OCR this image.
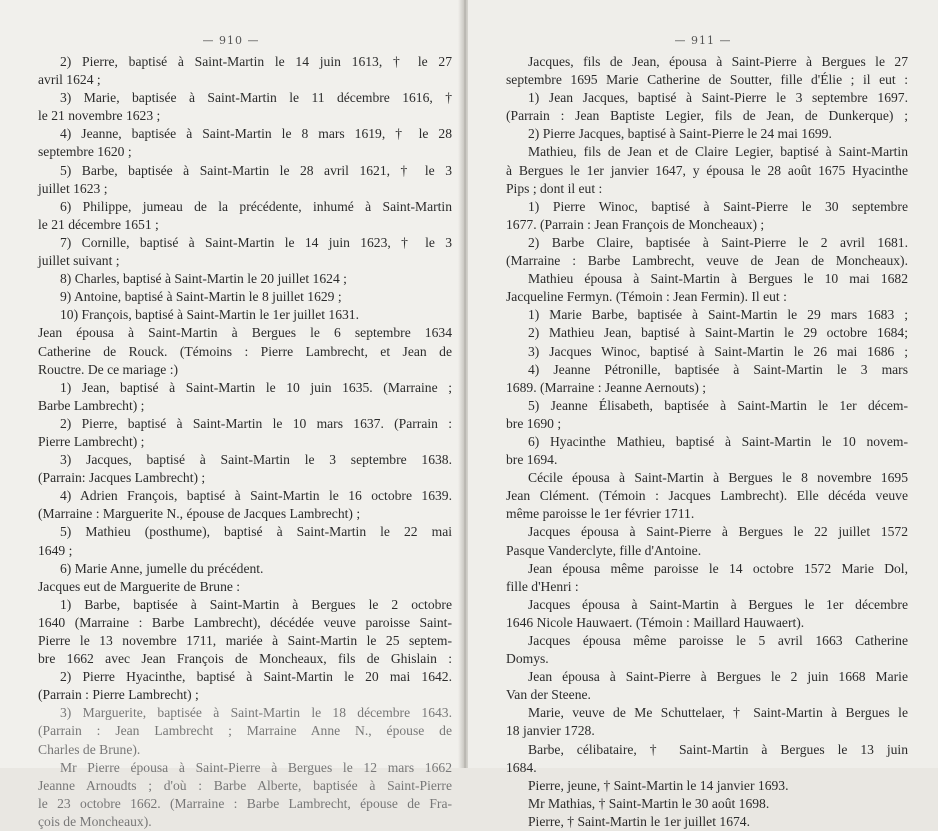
— 910 —
2) Pierre, baptisé à Saint-Martin le 14 juin 1613, † le 27
avril 1624 ;
3) Marie, baptisée à Saint-Martin le 11 décembre 1616, †
le 21 novembre 1623 ;
4) Jeanne, baptisée à Saint-Martin le 8 mars 1619, † le 28
septembre 1620 ;
5) Barbe, baptisée à Saint-Martin le 28 avril 1621, † le 3
juillet 1623 ;
6) Philippe, jumeau de la précédente, inhumé à Saint-Martin
le 21 décembre 1651 ;
7) Cornille, baptisé à Saint-Martin le 14 juin 1623, † le 3
juillet suivant ;
8) Charles, baptisé à Saint-Martin le 20 juillet 1624 ;
9) Antoine, baptisé à Saint-Martin le 8 juillet 1629 ;
10) François, baptisé à Saint-Martin le 1er juillet 1631.
Jean épousa à Saint-Martin à Bergues le 6 septembre 1634
Catherine de Rouck. (Témoins : Pierre Lambrecht, et Jean de
Rouctre. De ce mariage :)
1) Jean, baptisé à Saint-Martin le 10 juin 1635. (Marraine ;
Barbe Lambrecht) ;
2) Pierre, baptisé à Saint-Martin le 10 mars 1637. (Parrain :
Pierre Lambrecht) ;
3) Jacques, baptisé à Saint-Martin le 3 septembre 1638.
(Parrain: Jacques Lambrecht) ;
4) Adrien François, baptisé à Saint-Martin le 16 octobre 1639.
(Marraine : Marguerite N., épouse de Jacques Lambrecht) ;
5) Mathieu (posthume), baptisé à Saint-Martin le 22 mai
1649 ;
6) Marie Anne, jumelle du précédent.
Jacques eut de Marguerite de Brune :
1) Barbe, baptisée à Saint-Martin à Bergues le 2 octobre
1640 (Marraine : Barbe Lambrecht), décédée veuve paroisse Saint-
Pierre le 13 novembre 1711, mariée à Saint-Martin le 25 septem-
bre 1662 avec Jean François de Moncheaux, fils de Ghislain :
2) Pierre Hyacinthe, baptisé à Saint-Martin le 20 mai 1642.
(Parrain : Pierre Lambrecht) ;
3) Marguerite, baptisée à Saint-Martin le 18 décembre 1643.
(Parrain : Jean Lambrecht ; Marraine Anne N., épouse de
Charles de Brune).
Mr Pierre épousa à Saint-Pierre à Bergues le 12 mars 1662
Jeanne Arnoudts ; d'où : Barbe Alberte, baptisée à Saint-Pierre
le 23 octobre 1662. (Marraine : Barbe Lambrecht, épouse de Fra-
çois de Moncheaux).
— 911 —
Jacques, fils de Jean, épousa à Saint-Pierre à Bergues le 27
septembre 1695 Marie Catherine de Soutter, fille d'Élie ; il eut :
1) Jean Jacques, baptisé à Saint-Pierre le 3 septembre 1697.
(Parrain : Jean Baptiste Legier, fils de Jean, de Dunkerque) ;
2) Pierre Jacques, baptisé à Saint-Pierre le 24 mai 1699.
Mathieu, fils de Jean et de Claire Legier, baptisé à Saint-Martin
à Bergues le 1er janvier 1647, y épousa le 28 août 1675 Hyacinthe
Pips ; dont il eut :
1) Pierre Winoc, baptisé à Saint-Pierre le 30 septembre
1677. (Parrain : Jean François de Moncheaux) ;
2) Barbe Claire, baptisée à Saint-Pierre le 2 avril 1681.
(Marraine : Barbe Lambrecht, veuve de Jean de Moncheaux).
Mathieu épousa à Saint-Martin à Bergues le 10 mai 1682
Jacqueline Fermyn. (Témoin : Jean Fermin). Il eut :
1) Marie Barbe, baptisée à Saint-Martin le 29 mars 1683 ;
2) Mathieu Jean, baptisé à Saint-Martin le 29 octobre 1684;
3) Jacques Winoc, baptisé à Saint-Martin le 26 mai 1686 ;
4) Jeanne Pétronille, baptisée à Saint-Martin le 3 mars
1689. (Marraine : Jeanne Aernouts) ;
5) Jeanne Élisabeth, baptisée à Saint-Martin le 1er décem-
bre 1690 ;
6) Hyacinthe Mathieu, baptisé à Saint-Martin le 10 novem-
bre 1694.
Cécile épousa à Saint-Martin à Bergues le 8 novembre 1695
Jean Clément. (Témoin : Jacques Lambrecht). Elle décéda veuve
même paroisse le 1er février 1711.
Jacques épousa à Saint-Pierre à Bergues le 22 juillet 1572
Pasque Vanderclyte, fille d'Antoine.
Jean épousa même paroisse le 14 octobre 1572 Marie Dol,
fille d'Henri :
Jacques épousa à Saint-Martin à Bergues le 1er décembre
1646 Nicole Hauwaert. (Témoin : Maillard Hauwaert).
Jacques épousa même paroisse le 5 avril 1663 Catherine
Domys.
Jean épousa à Saint-Pierre à Bergues le 2 juin 1668 Marie
Van der Steene.
Marie, veuve de Me Schuttelaer, † Saint-Martin à Bergues le
18 janvier 1728.
Barbe, célibataire, † Saint-Martin à Bergues le 13 juin
1684.
Pierre, jeune, † Saint-Martin le 14 janvier 1693.
Mr Mathias, † Saint-Martin le 30 août 1698.
Pierre, † Saint-Martin le 1er juillet 1674.
